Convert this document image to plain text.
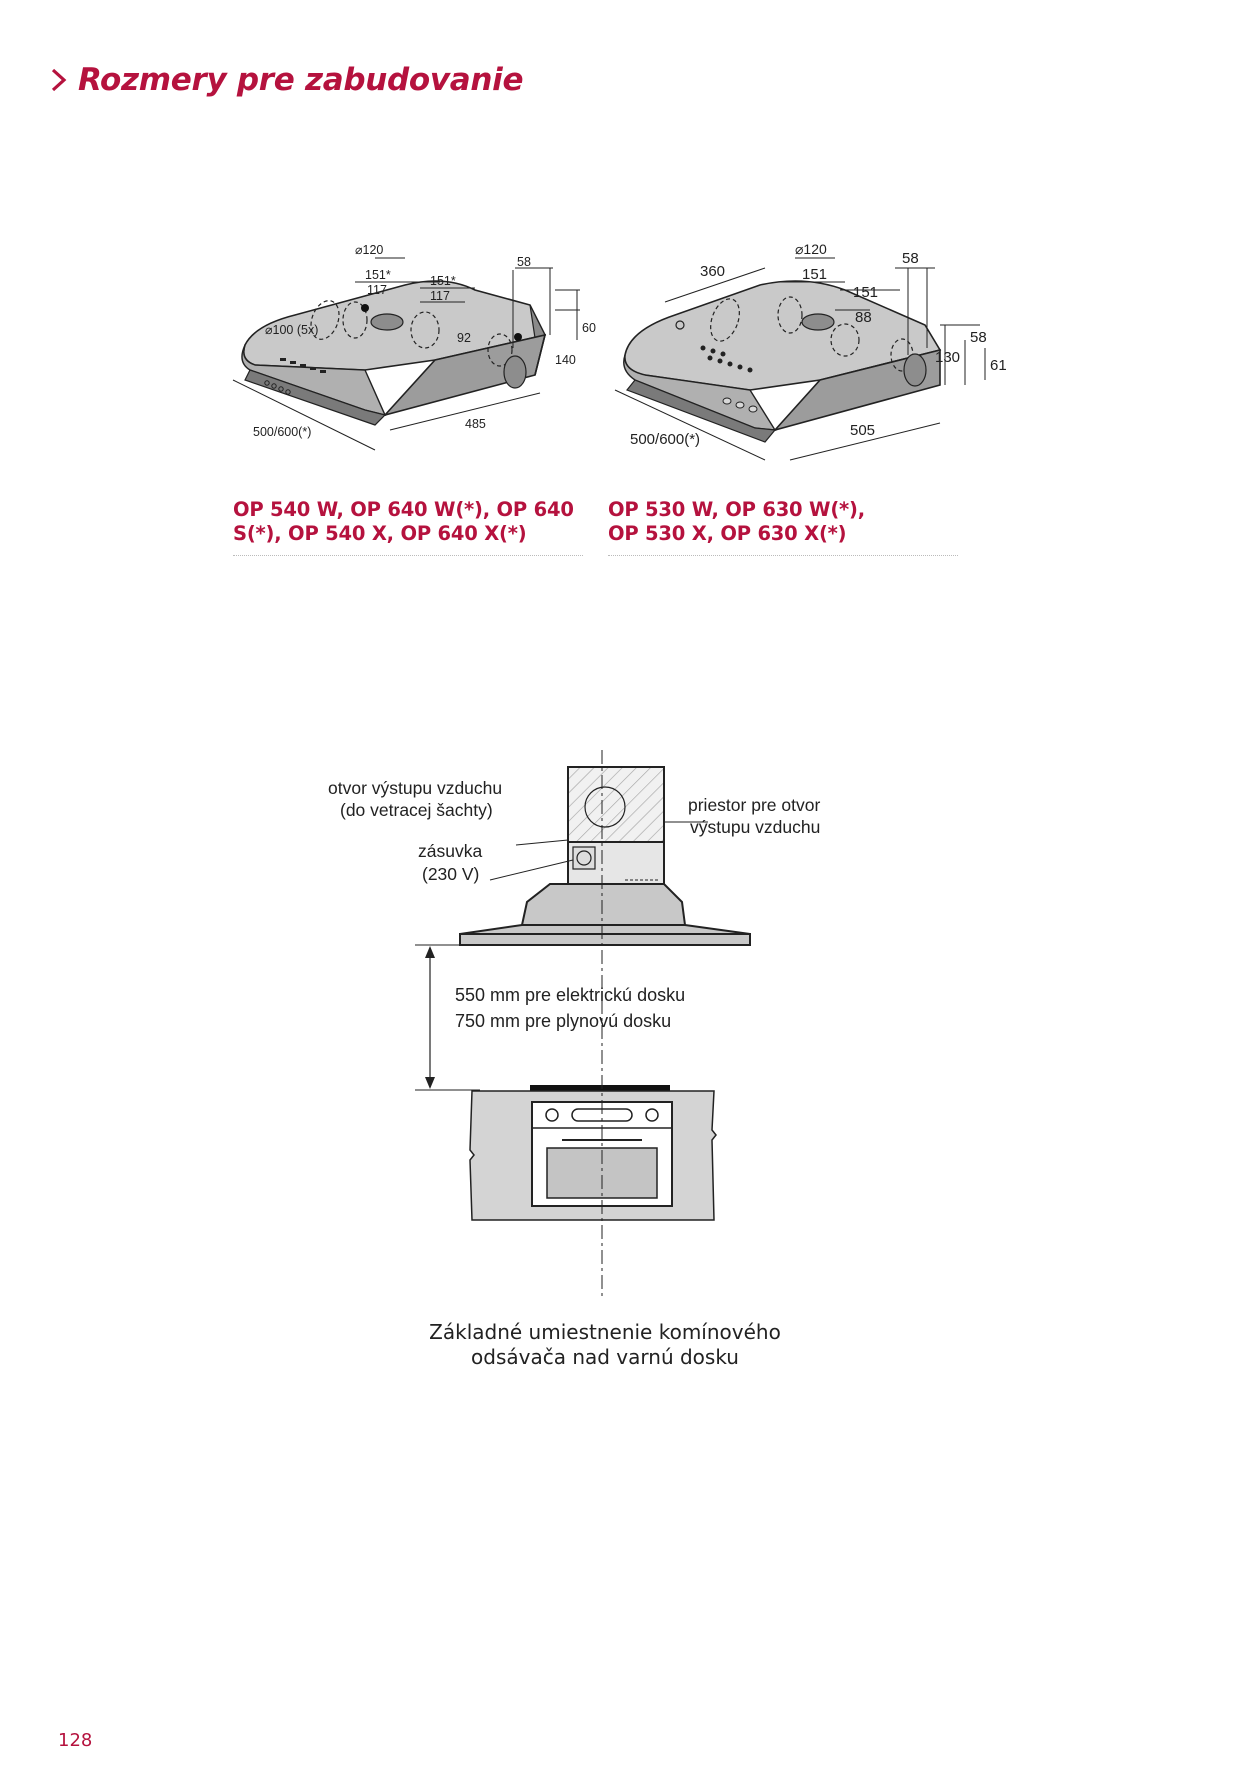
Rozmery pre zabudovanie
⌀120
151*
117
151*
117
58
⌀100 (5x)
92
60
140
500/600(*)
485
OP 540 W, OP 640 W(*), OP 640
S(*), OP 540 X, OP 640 X(*)
⌀120
360	151
151
88
58
58
130 61
500/600(*)
505
OP 530 W, OP 630 W(*),
OP 530 X, OP 630 X(*)
otvor výstupu vzduchu
(do vetracej šachty)	priestor pre otvor
výstupu vzduchu
zásuvka
(230 V)
550 mm pre elektrickú dosku
750 mm pre plynovú dosku
Základné umiestnenie komínového
odsávača nad varnú dosku
128
